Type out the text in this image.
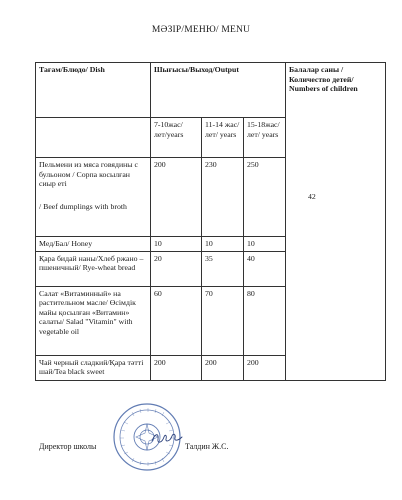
МӘЗІР/МЕНЮ/ MENU
Тағам/Блюдо/ Dish	Шығысы/Выход/Output			Балалар саны /Количество детей/ Numbers of children

	7-10жас/лет/years	11-14 жас/лет/ years	15-18жас/лет/ years	

Пельмени из мяса говядины с бульоном / Сорпа косылған сиыр еті
/ Beef dumplings with broth	200	230	250	
Мед/Бал/ Honey	10	10	10	
Қара бидай наны/Хлеб ржано – пшеничный/ Rye-wheat bread	20	35	40	
Салат «Витаминный» на растительном масле/ Өсімдік майы қосылған «Витамин» салаты/ Salad "Vitamin" with vegetable oil	60	70	80	
Чай черный сладкий/Қара тәтті шай/Tea black sweet	200	200	200	
42
Директор школы	Талдин Ж.С.
